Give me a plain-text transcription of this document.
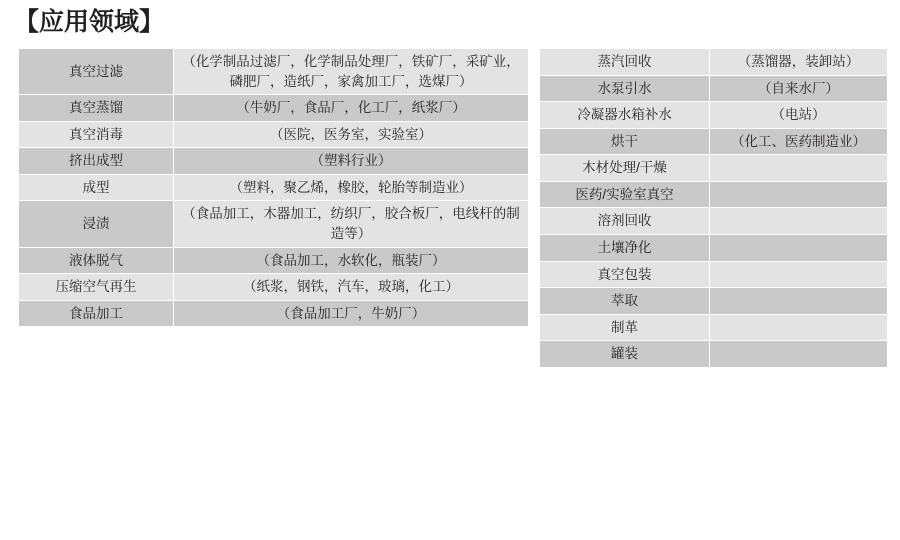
【应用领域】
真空过滤	（化学制品过滤厂，化学制品处理厂，铁矿厂，采矿业，磷肥厂，造纸厂，家禽加工厂，选煤厂）
真空蒸馏	（牛奶厂，食品厂，化工厂，纸浆厂）
真空消毒	（医院，医务室，实验室）
挤出成型	（塑料行业）
成型	（塑料，聚乙烯，橡胶，轮胎等制造业）
浸渍	（食品加工，木器加工，纺织厂，胶合板厂，电线杆的制造等）
液体脱气	（食品加工，水软化，瓶装厂）
压缩空气再生	（纸浆，钢铁，汽车，玻璃，化工）
食品加工	（食品加工厂，牛奶厂）
蒸汽回收	（蒸馏器，装卸站）
水泵引水	（自来水厂）
冷凝器水箱补水	（电站）
烘干	（化工、医药制造业）
木材处理/干燥	
医药/实验室真空	
溶剂回收	
土壤净化	
真空包装	
萃取	
制革	
罐装	
